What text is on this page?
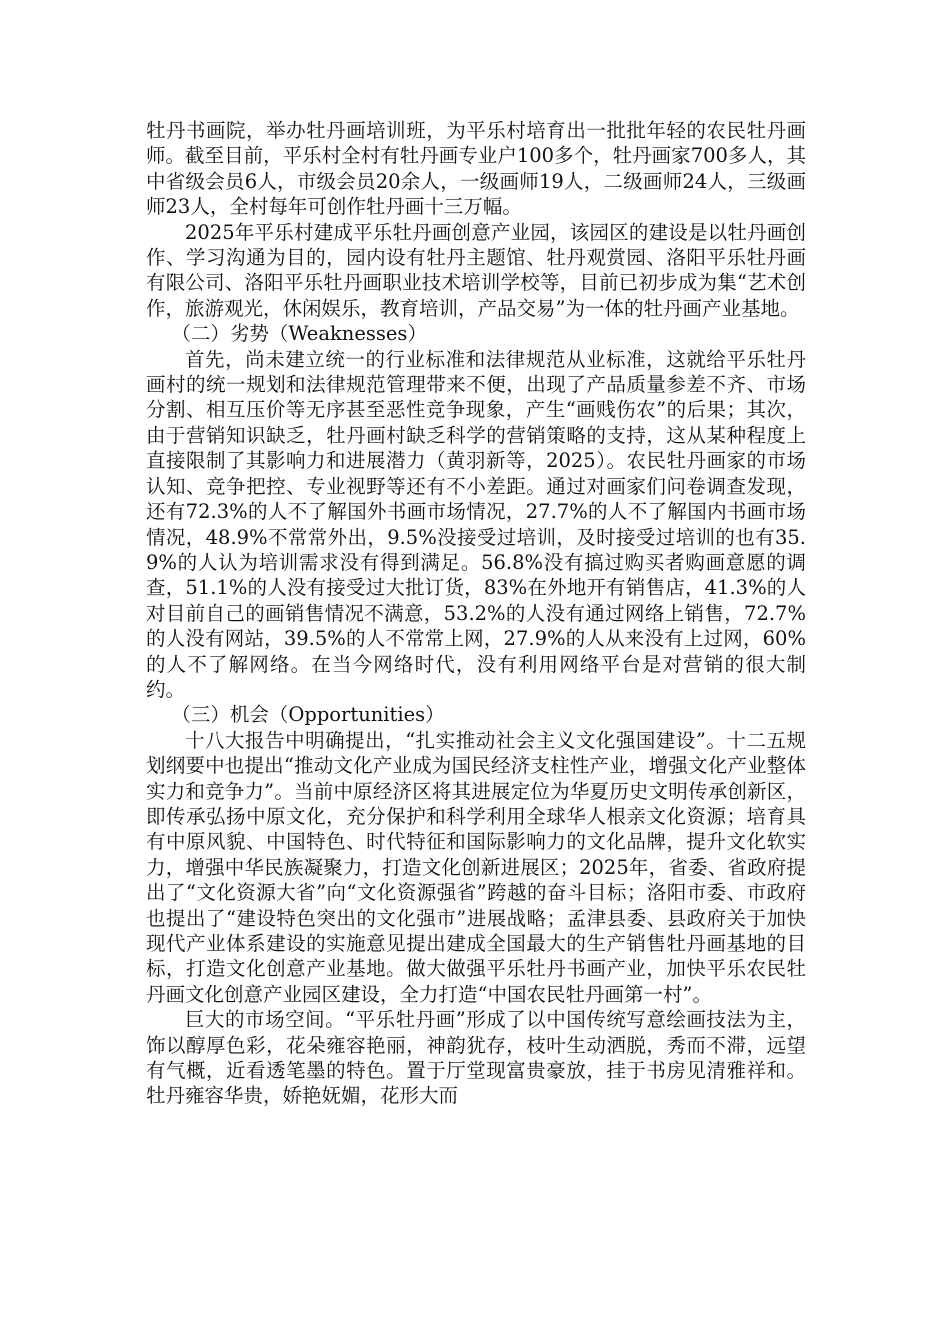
牡丹书画院，举办牡丹画培训班，为平乐村培育出一批批年轻的农民牡丹画师。截至目前，平乐村全村有牡丹画专业户100多个，牡丹画家700多人，其中省级会员6人，市级会员20余人，一级画师19人，二级画师24人，三级画师23人，全村每年可创作牡丹画十三万幅。

2025年平乐村建成平乐牡丹画创意产业园，该园区的建设是以牡丹画创作、学习沟通为目的，园内设有牡丹主题馆、牡丹观赏园、洛阳平乐牡丹画有限公司、洛阳平乐牡丹画职业技术培训学校等，目前已初步成为集“艺术创作，旅游观光，休闲娱乐，教育培训，产品交易”为一体的牡丹画产业基地。

（二）劣势（Weaknesses）

首先，尚未建立统一的行业标准和法律规范从业标准，这就给平乐牡丹画村的统一规划和法律规范管理带来不便，出现了产品质量参差不齐、市场分割、相互压价等无序甚至恶性竞争现象，产生“画贱伤农”的后果；其次，由于营销知识缺乏，牡丹画村缺乏科学的营销策略的支持，这从某种程度上直接限制了其影响力和进展潜力（黄羽新等，2025）。农民牡丹画家的市场认知、竞争把控、专业视野等还有不小差距。通过对画家们问卷调查发现，还有72.3%的人不了解国外书画市场情况，27.7%的人不了解国内书画市场情况，48.9%不常常外出，9.5%没接受过培训，及时接受过培训的也有35.9%的人认为培训需求没有得到满足。56.8%没有搞过购买者购画意愿的调查，51.1%的人没有接受过大批订货，83%在外地开有销售店，41.3%的人对目前自己的画销售情况不满意，53.2%的人没有通过网络上销售，72.7%的人没有网站，39.5%的人不常常上网，27.9%的人从来没有上过网，60%的人不了解网络。在当今网络时代，没有利用网络平台是对营销的很大制约。

（三）机会（Opportunities）

十八大报告中明确提出，“扎实推动社会主义文化强国建设”。十二五规划纲要中也提出“推动文化产业成为国民经济支柱性产业，增强文化产业整体实力和竞争力”。当前中原经济区将其进展定位为华夏历史文明传承创新区，即传承弘扬中原文化，充分保护和科学利用全球华人根亲文化资源；培育具有中原风貌、中国特色、时代特征和国际影响力的文化品牌，提升文化软实力，增强中华民族凝聚力，打造文化创新进展区；2025年，省委、省政府提出了“文化资源大省”向“文化资源强省”跨越的奋斗目标；洛阳市委、市政府也提出了“建设特色突出的文化强市”进展战略；孟津县委、县政府关于加快现代产业体系建设的实施意见提出建成全国最大的生产销售牡丹画基地的目标，打造文化创意产业基地。做大做强平乐牡丹书画产业，加快平乐农民牡丹画文化创意产业园区建设，全力打造“中国农民牡丹画第一村”。

巨大的市场空间。“平乐牡丹画”形成了以中国传统写意绘画技法为主，饰以醇厚色彩，花朵雍容艳丽，神韵犹存，枝叶生动洒脱，秀而不滞，远望有气概，近看透笔墨的特色。置于厅堂现富贵豪放，挂于书房见清雅祥和。牡丹雍容华贵，娇艳妩媚，花形大而
